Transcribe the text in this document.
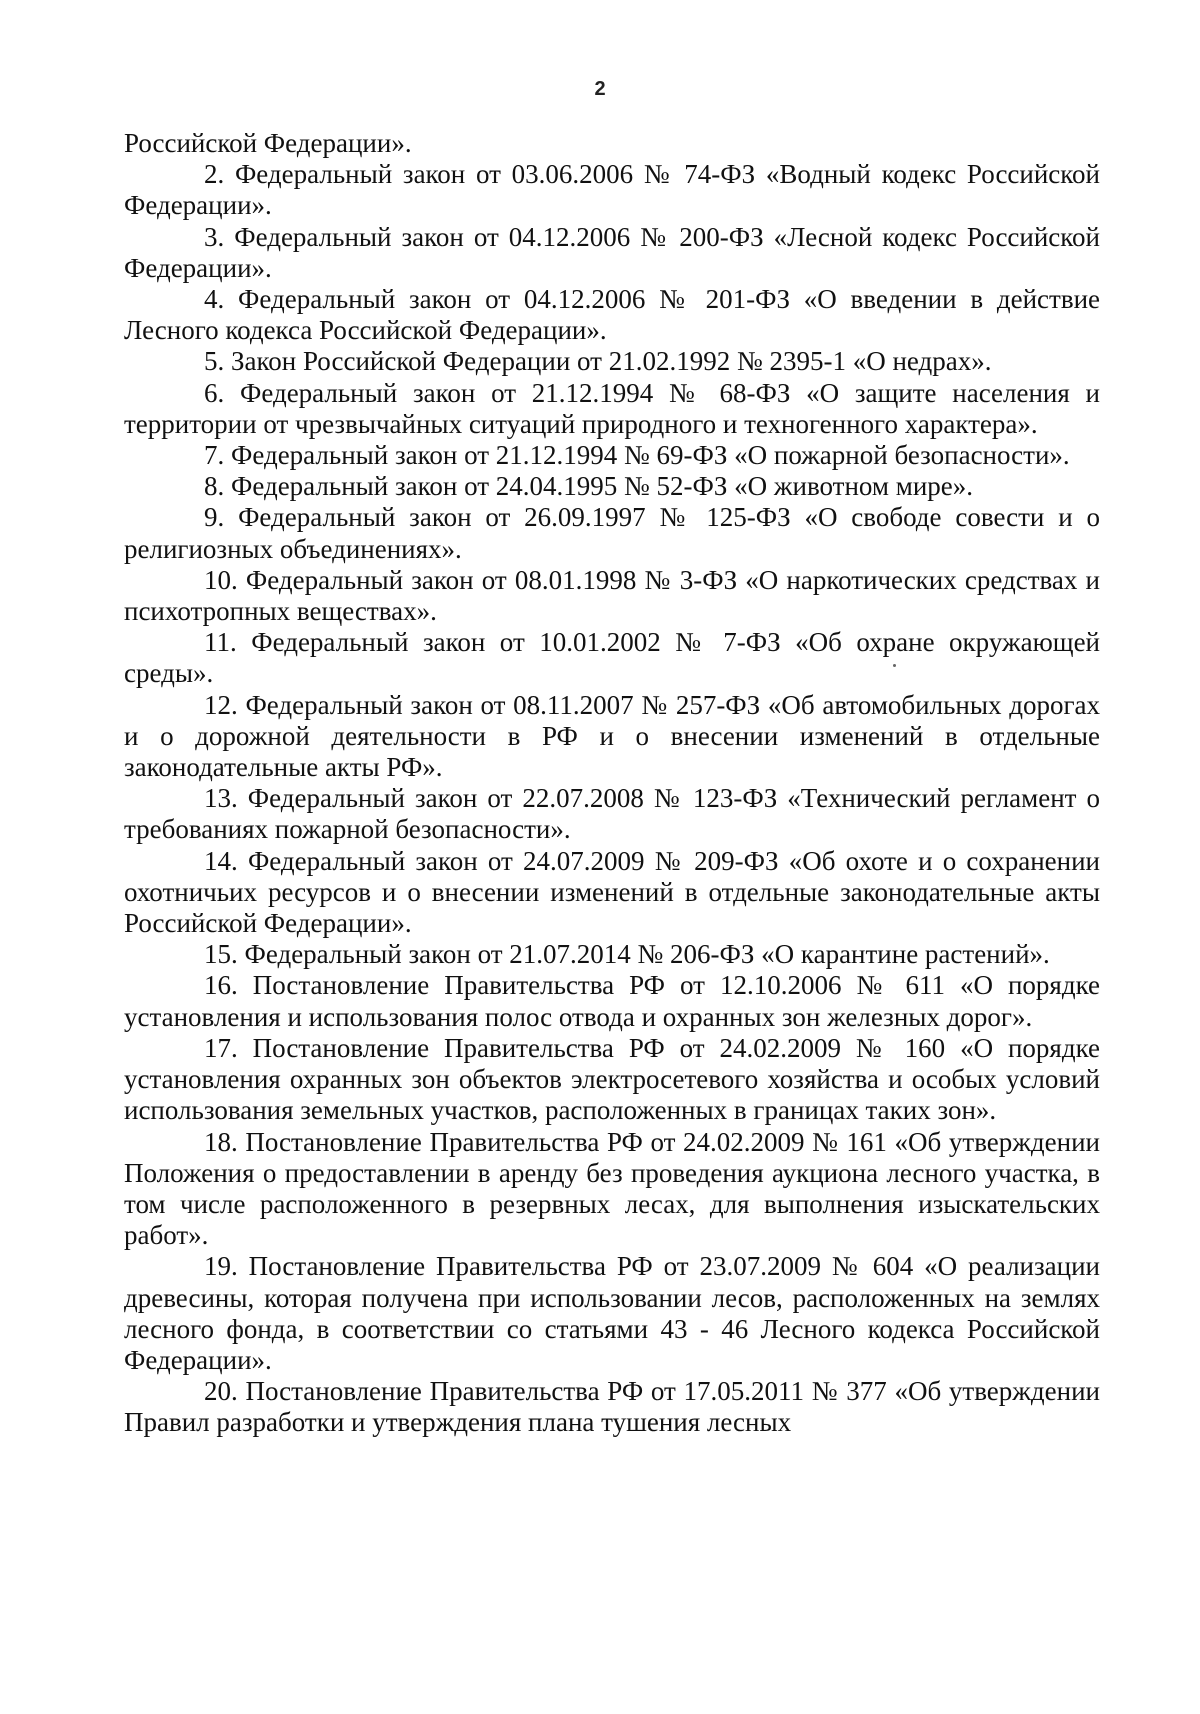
2

Российской Федерации».

2. Федеральный закон от 03.06.2006 № 74-ФЗ «Водный кодекс Российской Федерации».

3. Федеральный закон от 04.12.2006 № 200-ФЗ «Лесной кодекс Российской Федерации».

4. Федеральный закон от 04.12.2006 № 201-ФЗ «О введении в действие Лесного кодекса Российской Федерации».

5. Закон Российской Федерации от 21.02.1992 № 2395-1 «О недрах».

6. Федеральный закон от 21.12.1994 № 68-ФЗ «О защите населения и территории от чрезвычайных ситуаций природного и техногенного характера».

7. Федеральный закон от 21.12.1994 № 69-ФЗ «О пожарной безопасности».

8. Федеральный закон от 24.04.1995 № 52-ФЗ «О животном мире».

9. Федеральный закон от 26.09.1997 № 125-ФЗ «О свободе совести и о религиозных объединениях».

10. Федеральный закон от 08.01.1998 № 3-ФЗ «О наркотических средствах и психотропных веществах».

11. Федеральный закон от 10.01.2002 № 7-ФЗ «Об охране окружающей среды».

12. Федеральный закон от 08.11.2007 № 257-ФЗ «Об автомобильных дорогах и о дорожной деятельности в РФ и о внесении изменений в отдельные законодательные акты РФ».

13. Федеральный закон от 22.07.2008 № 123-ФЗ «Технический регламент о требованиях пожарной безопасности».

14. Федеральный закон от 24.07.2009 № 209-ФЗ «Об охоте и о сохранении охотничьих ресурсов и о внесении изменений в отдельные законодательные акты Российской Федерации».

15. Федеральный закон от 21.07.2014 № 206-ФЗ «О карантине растений».

16. Постановление Правительства РФ от 12.10.2006 № 611 «О порядке установления и использования полос отвода и охранных зон железных дорог».

17. Постановление Правительства РФ от 24.02.2009 № 160 «О порядке установления охранных зон объектов электросетевого хозяйства и особых условий использования земельных участков, расположенных в границах таких зон».

18. Постановление Правительства РФ от 24.02.2009 № 161 «Об утверждении Положения о предоставлении в аренду без проведения аукциона лесного участка, в том числе расположенного в резервных лесах, для выполнения изыскательских работ».

19. Постановление Правительства РФ от 23.07.2009 № 604 «О реализации древесины, которая получена при использовании лесов, расположенных на землях лесного фонда, в соответствии со статьями 43 - 46 Лесного кодекса Российской Федерации».

20. Постановление Правительства РФ от 17.05.2011 № 377 «Об утверждении Правил разработки и утверждения плана тушения лесных
